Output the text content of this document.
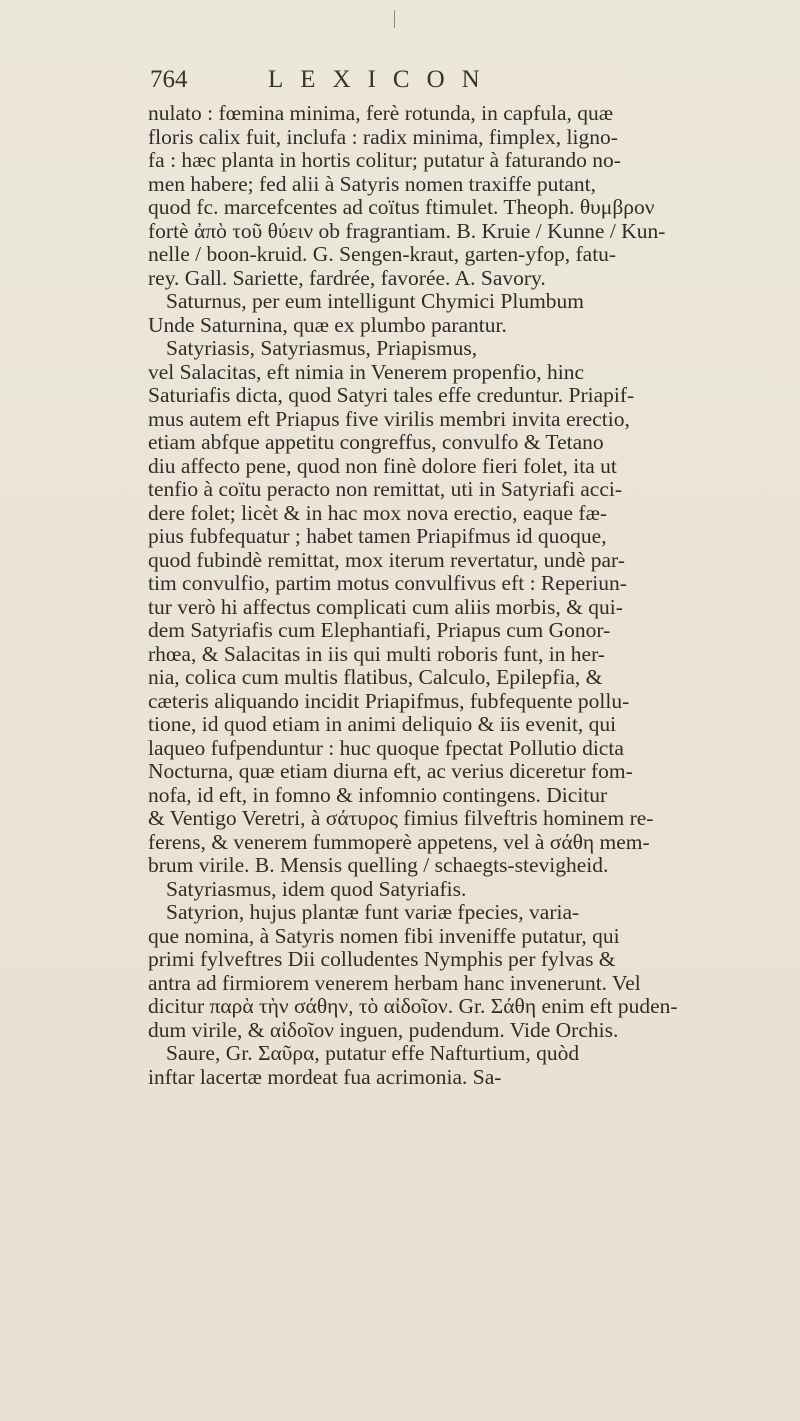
764	LEXICON
nulato : fœmina minima, ferè rotunda, in capfula, quæ
floris calix fuit, inclufa : radix minima, fimplex, ligno-
fa : hæc planta in hortis colitur; putatur à faturando no-
men habere; fed alii à Satyris nomen traxiffe putant,
quod fc. marcefcentes ad coïtus ftimulet. Theoph. θυμβρον
fortè ἀπὸ τοῦ θύειν ob fragrantiam. B. Kruie / Kunne / Kun-
nelle / boon-kruid. G. Sengen-kraut, garten-yfop, fatu-
rey. Gall. Sariette, fardrée, favorée. A. Savory.
Saturnus, per eum intelligunt Chymici Plumbum
Unde Saturnina, quæ ex plumbo parantur.
Satyriasis, Satyriasmus, Priapismus,
vel Salacitas, eft nimia in Venerem propenfio, hinc
Saturiafis dicta, quod Satyri tales effe creduntur. Priapif-
mus autem eft Priapus five virilis membri invita erectio,
etiam abfque appetitu congreffus, convulfo & Tetano
diu affecto pene, quod non finè dolore fieri folet, ita ut
tenfio à coïtu peracto non remittat, uti in Satyriafi acci-
dere folet; licèt & in hac mox nova erectio, eaque fæ-
pius fubfequatur ; habet tamen Priapifmus id quoque,
quod fubindè remittat, mox iterum revertatur, undè par-
tim convulfio, partim motus convulfivus eft : Reperiun-
tur verò hi affectus complicati cum aliis morbis, & qui-
dem Satyriafis cum Elephantiafi, Priapus cum Gonor-
rhœa, & Salacitas in iis qui multi roboris funt, in her-
nia, colica cum multis flatibus, Calculo, Epilepfia, &
cæteris aliquando incidit Priapifmus, fubfequente pollu-
tione, id quod etiam in animi deliquio & iis evenit, qui
laqueo fufpenduntur : huc quoque fpectat Pollutio dicta
Nocturna, quæ etiam diurna eft, ac verius diceretur fom-
nofa, id eft, in fomno & infomnio contingens. Dicitur
& Ventigo Veretri, à σάτυρος fimius filveftris hominem re-
ferens, & venerem fummoperè appetens, vel à σάθη mem-
brum virile. B. Mensis quelling / schaegts-stevigheid.
Satyriasmus, idem quod Satyriafis.
Satyrion, hujus plantæ funt variæ fpecies, varia-
que nomina, à Satyris nomen fibi inveniffe putatur, qui
primi fylveftres Dii colludentes Nymphis per fylvas &
antra ad firmiorem venerem herbam hanc invenerunt. Vel
dicitur παρὰ τὴν σάθην, τὸ αἰδοῖον. Gr. Σάθη enim eft puden-
dum virile, & αἰδοῖον inguen, pudendum. Vide Orchis.
Saure, Gr. Σαῦρα, putatur effe Nafturtium, quòd
inftar lacertæ mordeat fua acrimonia. Sa-
